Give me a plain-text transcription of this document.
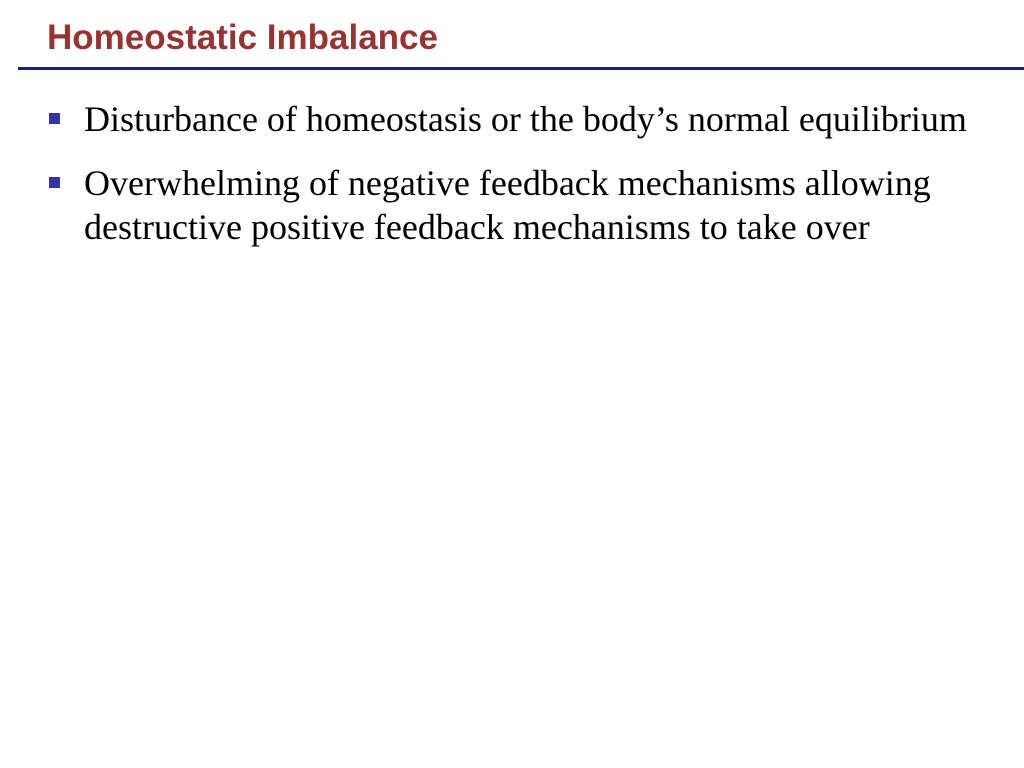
Homeostatic Imbalance
Disturbance of homeostasis or the body’s normal equilibrium
Overwhelming of negative feedback mechanisms allowing destructive positive feedback mechanisms to take over
